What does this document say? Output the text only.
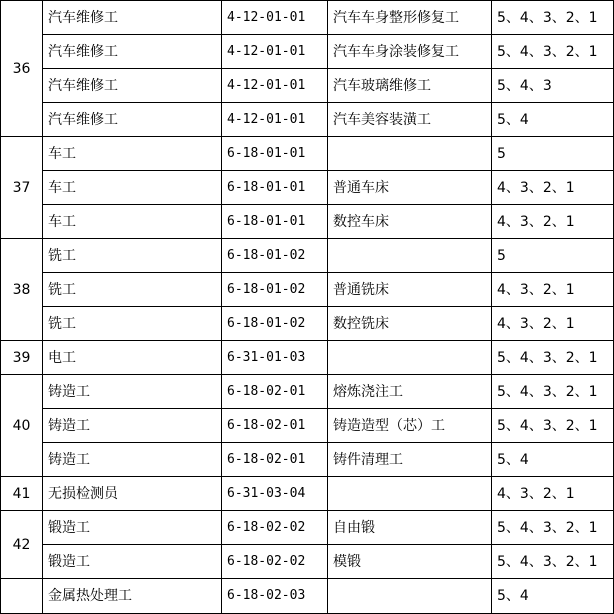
36	汽车维修工	4-12-01-01	汽车车身整形修复工	5、4、3、2、1
	汽车维修工	4-12-01-01	汽车车身涂装修复工	5、4、3、2、1
	汽车维修工	4-12-01-01	汽车玻璃维修工	5、4、3
	汽车维修工	4-12-01-01	汽车美容装潢工	5、4
37	车工	6-18-01-01		5
	车工	6-18-01-01	普通车床	4、3、2、1
	车工	6-18-01-01	数控车床	4、3、2、1
38	铣工	6-18-01-02		5
	铣工	6-18-01-02	普通铣床	4、3、2、1
	铣工	6-18-01-02	数控铣床	4、3、2、1
39	电工	6-31-01-03		5、4、3、2、1
40	铸造工	6-18-02-01	熔炼浇注工	5、4、3、2、1
	铸造工	6-18-02-01	铸造造型（芯）工	5、4、3、2、1
	铸造工	6-18-02-01	铸件清理工	5、4
41	无损检测员	6-31-03-04		4、3、2、1
42	锻造工	6-18-02-02	自由锻	5、4、3、2、1
	锻造工	6-18-02-02	模锻	5、4、3、2、1
	金属热处理工	6-18-02-03		5、4
